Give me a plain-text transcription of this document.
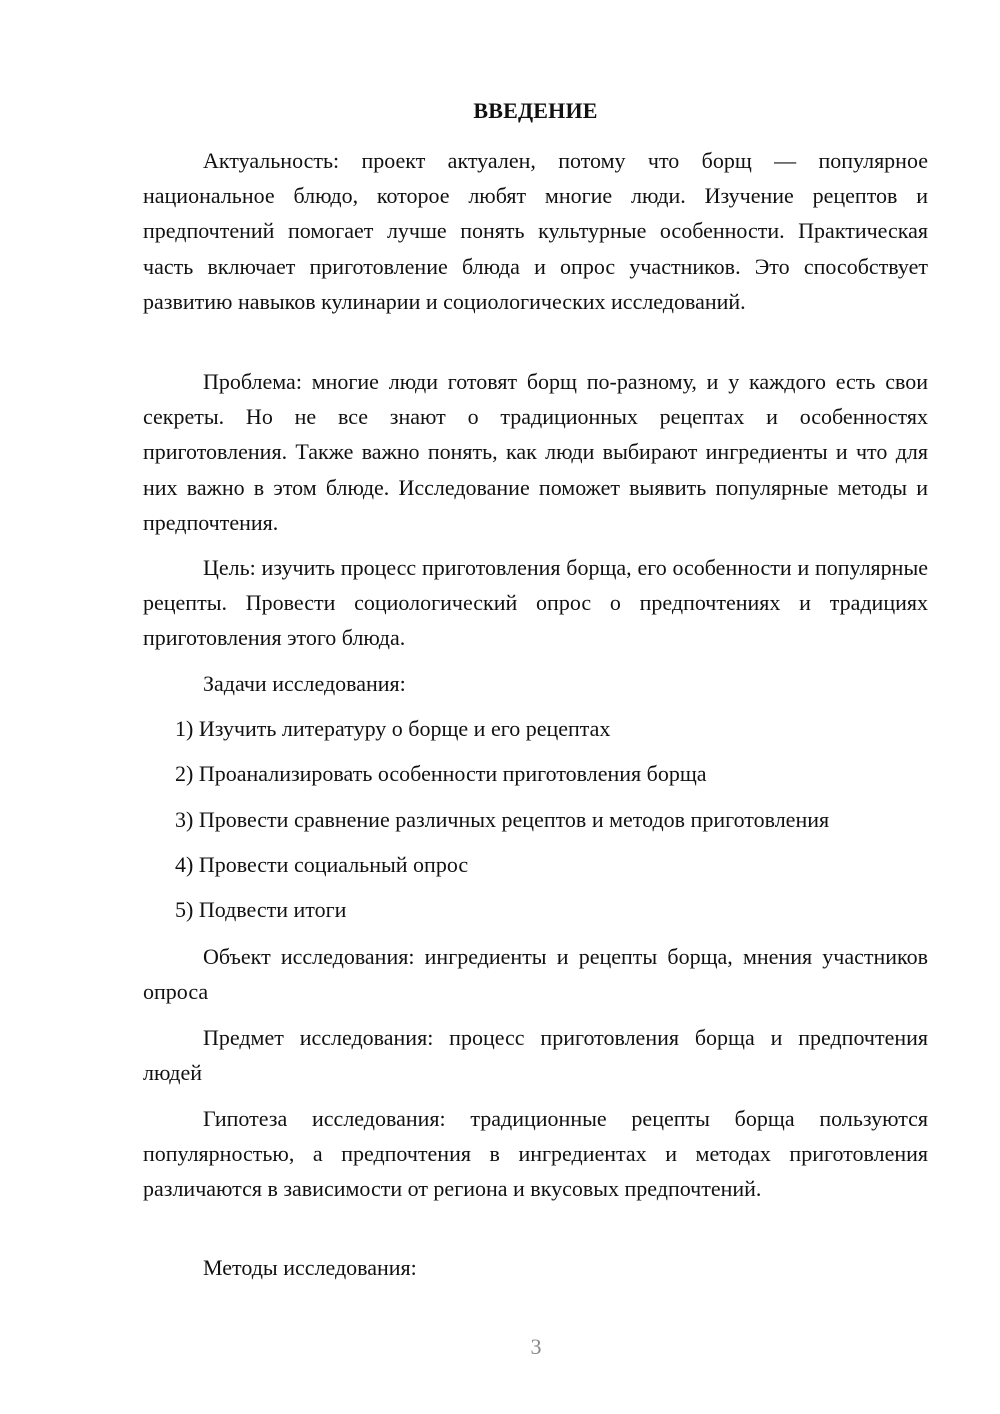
ВВЕДЕНИЕ

Актуальность: проект актуален, потому что борщ — популярное национальное блюдо, которое любят многие люди. Изучение рецептов и предпочтений помогает лучше понять культурные особенности. Практическая часть включает приготовление блюда и опрос участников. Это способствует развитию навыков кулинарии и социологических исследований.

Проблема: многие люди готовят борщ по-разному, и у каждого есть свои секреты. Но не все знают о традиционных рецептах и особенностях приготовления. Также важно понять, как люди выбирают ингредиенты и что для них важно в этом блюде. Исследование поможет выявить популярные методы и предпочтения.

Цель: изучить процесс приготовления борща, его особенности и популярные рецепты. Провести социологический опрос о предпочтениях и традициях приготовления этого блюда.

Задачи исследования:

1) Изучить литературу о борще и его рецептах

2) Проанализировать особенности приготовления борща

3) Провести сравнение различных рецептов и методов приготовления

4) Провести социальный опрос

5) Подвести итоги

Объект исследования: ингредиенты и рецепты борща, мнения участников опроса

Предмет исследования: процесс приготовления борща и предпочтения людей

Гипотеза исследования: традиционные рецепты борща пользуются популярностью, а предпочтения в ингредиентах и методах приготовления различаются в зависимости от региона и вкусовых предпочтений.

Методы исследования:

3
